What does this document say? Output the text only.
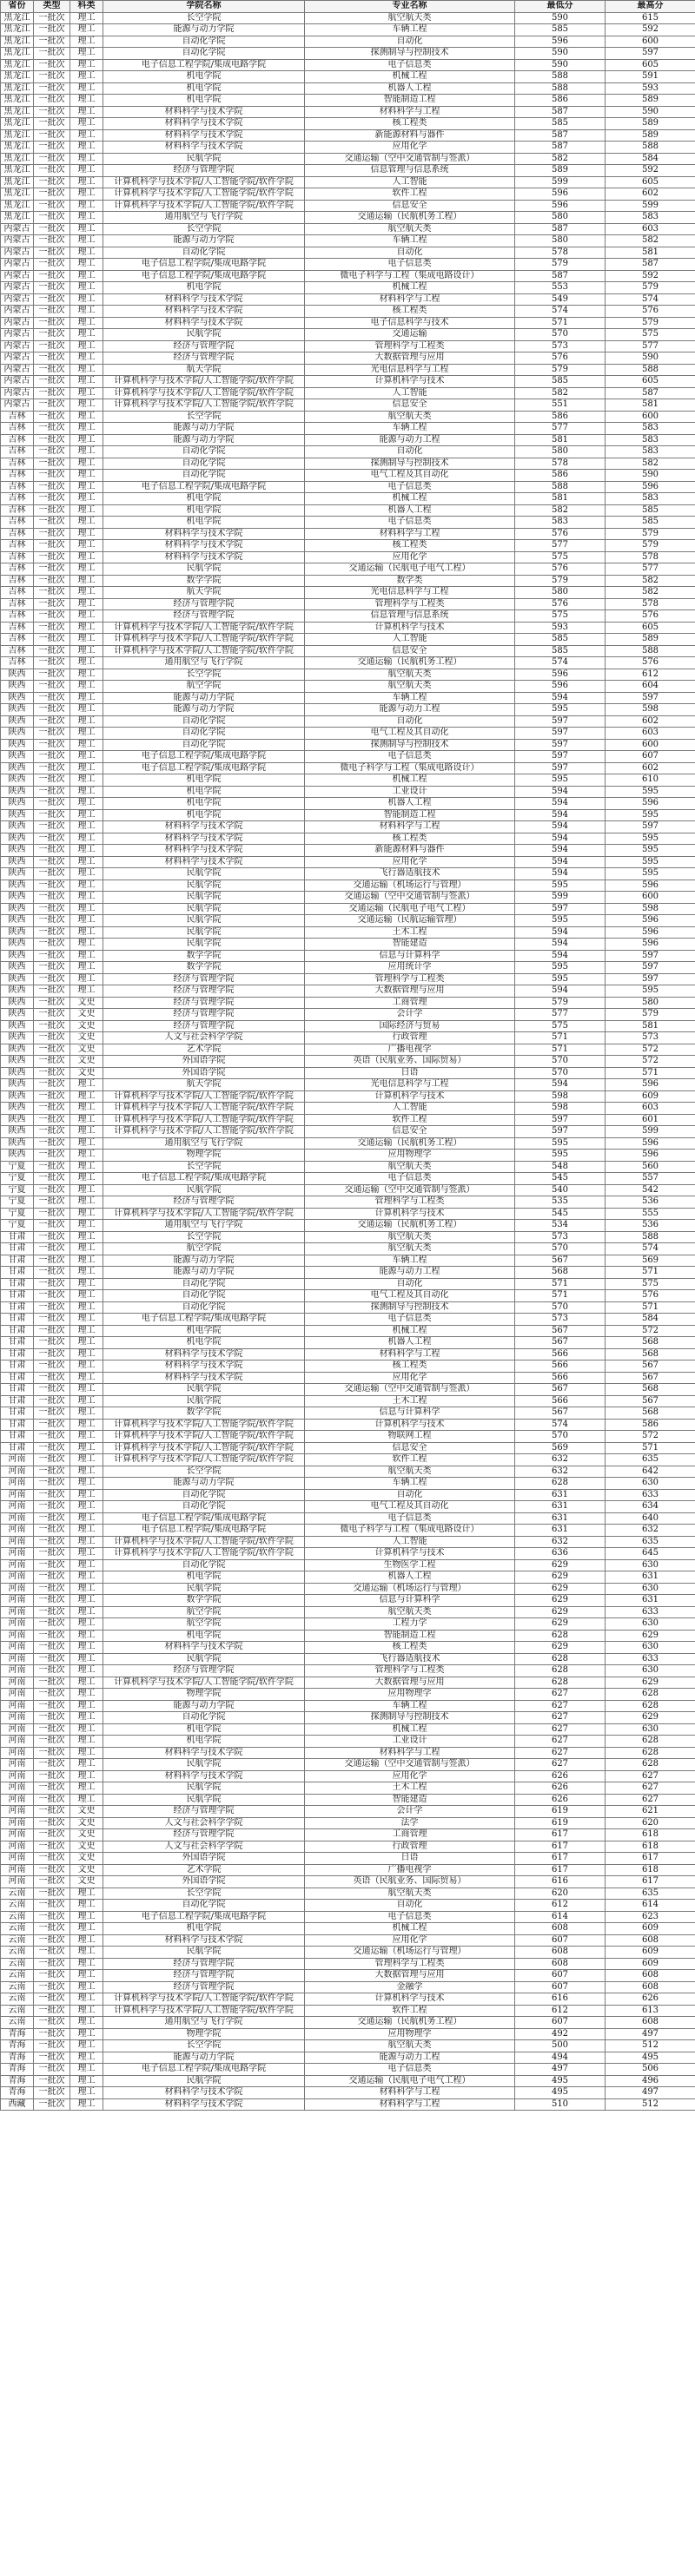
省份	类型	科类	学院名称	专业名称	最低分	最高分
黑龙江	一批次	理工	长空学院	航空航天类	590	615
黑龙江	一批次	理工	能源与动力学院	车辆工程	585	592
黑龙江	一批次	理工	自动化学院	自动化	596	600
黑龙江	一批次	理工	自动化学院	探测制导与控制技术	590	597
黑龙江	一批次	理工	电子信息工程学院/集成电路学院	电子信息类	590	605
黑龙江	一批次	理工	机电学院	机械工程	588	591
黑龙江	一批次	理工	机电学院	机器人工程	588	593
黑龙江	一批次	理工	机电学院	智能制造工程	586	589
黑龙江	一批次	理工	材料科学与技术学院	材料科学与工程	587	590
黑龙江	一批次	理工	材料科学与技术学院	核工程类	585	589
黑龙江	一批次	理工	材料科学与技术学院	新能源材料与器件	587	589
黑龙江	一批次	理工	材料科学与技术学院	应用化学	587	588
黑龙江	一批次	理工	民航学院	交通运输（空中交通管制与签派）	582	584
黑龙江	一批次	理工	经济与管理学院	信息管理与信息系统	589	592
黑龙江	一批次	理工	计算机科学与技术学院/人工智能学院/软件学院	人工智能	599	605
黑龙江	一批次	理工	计算机科学与技术学院/人工智能学院/软件学院	软件工程	596	602
黑龙江	一批次	理工	计算机科学与技术学院/人工智能学院/软件学院	信息安全	596	599
黑龙江	一批次	理工	通用航空与飞行学院	交通运输（民航机务工程）	580	583
内蒙古	一批次	理工	长空学院	航空航天类	587	603
内蒙古	一批次	理工	能源与动力学院	车辆工程	580	582
内蒙古	一批次	理工	自动化学院	自动化	578	581
内蒙古	一批次	理工	电子信息工程学院/集成电路学院	电子信息类	579	587
内蒙古	一批次	理工	电子信息工程学院/集成电路学院	微电子科学与工程（集成电路设计）	587	592
内蒙古	一批次	理工	机电学院	机械工程	553	579
内蒙古	一批次	理工	材料科学与技术学院	材料科学与工程	549	574
内蒙古	一批次	理工	材料科学与技术学院	核工程类	574	576
内蒙古	一批次	理工	材料科学与技术学院	电子信息科学与技术	571	579
内蒙古	一批次	理工	民航学院	交通运输	570	575
内蒙古	一批次	理工	经济与管理学院	管理科学与工程类	573	577
内蒙古	一批次	理工	经济与管理学院	大数据管理与应用	576	590
内蒙古	一批次	理工	航天学院	光电信息科学与工程	579	588
内蒙古	一批次	理工	计算机科学与技术学院/人工智能学院/软件学院	计算机科学与技术	585	605
内蒙古	一批次	理工	计算机科学与技术学院/人工智能学院/软件学院	人工智能	582	587
内蒙古	一批次	理工	计算机科学与技术学院/人工智能学院/软件学院	信息安全	551	581
吉林	一批次	理工	长空学院	航空航天类	586	600
吉林	一批次	理工	能源与动力学院	车辆工程	577	583
吉林	一批次	理工	能源与动力学院	能源与动力工程	581	583
吉林	一批次	理工	自动化学院	自动化	580	583
吉林	一批次	理工	自动化学院	探测制导与控制技术	578	582
吉林	一批次	理工	自动化学院	电气工程及其自动化	586	590
吉林	一批次	理工	电子信息工程学院/集成电路学院	电子信息类	588	596
吉林	一批次	理工	机电学院	机械工程	581	583
吉林	一批次	理工	机电学院	机器人工程	582	585
吉林	一批次	理工	机电学院	电子信息类	583	585
吉林	一批次	理工	材料科学与技术学院	材料科学与工程	576	579
吉林	一批次	理工	材料科学与技术学院	核工程类	577	579
吉林	一批次	理工	材料科学与技术学院	应用化学	575	578
吉林	一批次	理工	民航学院	交通运输（民航电子电气工程）	576	577
吉林	一批次	理工	数学学院	数学类	579	582
吉林	一批次	理工	航天学院	光电信息科学与工程	580	582
吉林	一批次	理工	经济与管理学院	管理科学与工程类	576	578
吉林	一批次	理工	经济与管理学院	信息管理与信息系统	575	576
吉林	一批次	理工	计算机科学与技术学院/人工智能学院/软件学院	计算机科学与技术	593	605
吉林	一批次	理工	计算机科学与技术学院/人工智能学院/软件学院	人工智能	585	589
吉林	一批次	理工	计算机科学与技术学院/人工智能学院/软件学院	信息安全	585	588
吉林	一批次	理工	通用航空与飞行学院	交通运输（民航机务工程）	574	576
陕西	一批次	理工	长空学院	航空航天类	596	612
陕西	一批次	理工	航空学院	航空航天类	596	604
陕西	一批次	理工	能源与动力学院	车辆工程	594	597
陕西	一批次	理工	能源与动力学院	能源与动力工程	595	598
陕西	一批次	理工	自动化学院	自动化	597	602
陕西	一批次	理工	自动化学院	电气工程及其自动化	597	603
陕西	一批次	理工	自动化学院	探测制导与控制技术	597	600
陕西	一批次	理工	电子信息工程学院/集成电路学院	电子信息类	597	607
陕西	一批次	理工	电子信息工程学院/集成电路学院	微电子科学与工程（集成电路设计）	597	602
陕西	一批次	理工	机电学院	机械工程	595	610
陕西	一批次	理工	机电学院	工业设计	594	595
陕西	一批次	理工	机电学院	机器人工程	594	596
陕西	一批次	理工	机电学院	智能制造工程	594	595
陕西	一批次	理工	材料科学与技术学院	材料科学与工程	594	597
陕西	一批次	理工	材料科学与技术学院	核工程类	594	595
陕西	一批次	理工	材料科学与技术学院	新能源材料与器件	594	595
陕西	一批次	理工	材料科学与技术学院	应用化学	594	595
陕西	一批次	理工	民航学院	飞行器适航技术	594	595
陕西	一批次	理工	民航学院	交通运输（机场运行与管理）	595	596
陕西	一批次	理工	民航学院	交通运输（空中交通管制与签派）	599	600
陕西	一批次	理工	民航学院	交通运输（民航电子电气工程）	597	598
陕西	一批次	理工	民航学院	交通运输（民航运输管理）	595	596
陕西	一批次	理工	民航学院	土木工程	594	596
陕西	一批次	理工	民航学院	智能建造	594	596
陕西	一批次	理工	数学学院	信息与计算科学	594	597
陕西	一批次	理工	数学学院	应用统计学	595	597
陕西	一批次	理工	经济与管理学院	管理科学与工程类	595	597
陕西	一批次	理工	经济与管理学院	大数据管理与应用	594	595
陕西	一批次	文史	经济与管理学院	工商管理	579	580
陕西	一批次	文史	经济与管理学院	会计学	577	579
陕西	一批次	文史	经济与管理学院	国际经济与贸易	575	581
陕西	一批次	文史	人文与社会科学学院	行政管理	571	573
陕西	一批次	文史	艺术学院	广播电视学	571	572
陕西	一批次	文史	外国语学院	英语（民航业务、国际贸易）	570	572
陕西	一批次	文史	外国语学院	日语	570	571
陕西	一批次	理工	航天学院	光电信息科学与工程	594	596
陕西	一批次	理工	计算机科学与技术学院/人工智能学院/软件学院	计算机科学与技术	598	609
陕西	一批次	理工	计算机科学与技术学院/人工智能学院/软件学院	人工智能	598	603
陕西	一批次	理工	计算机科学与技术学院/人工智能学院/软件学院	软件工程	597	601
陕西	一批次	理工	计算机科学与技术学院/人工智能学院/软件学院	信息安全	597	599
陕西	一批次	理工	通用航空与飞行学院	交通运输（民航机务工程）	595	596
陕西	一批次	理工	物理学院	应用物理学	595	596
宁夏	一批次	理工	长空学院	航空航天类	548	560
宁夏	一批次	理工	电子信息工程学院/集成电路学院	电子信息类	545	557
宁夏	一批次	理工	民航学院	交通运输（空中交通管制与签派）	540	542
宁夏	一批次	理工	经济与管理学院	管理科学与工程类	535	536
宁夏	一批次	理工	计算机科学与技术学院/人工智能学院/软件学院	计算机科学与技术	545	555
宁夏	一批次	理工	通用航空与飞行学院	交通运输（民航机务工程）	534	536
甘肃	一批次	理工	长空学院	航空航天类	573	588
甘肃	一批次	理工	航空学院	航空航天类	570	574
甘肃	一批次	理工	能源与动力学院	车辆工程	567	569
甘肃	一批次	理工	能源与动力学院	能源与动力工程	568	571
甘肃	一批次	理工	自动化学院	自动化	571	575
甘肃	一批次	理工	自动化学院	电气工程及其自动化	571	576
甘肃	一批次	理工	自动化学院	探测制导与控制技术	570	571
甘肃	一批次	理工	电子信息工程学院/集成电路学院	电子信息类	573	584
甘肃	一批次	理工	机电学院	机械工程	567	572
甘肃	一批次	理工	机电学院	机器人工程	567	568
甘肃	一批次	理工	材料科学与技术学院	材料科学与工程	566	568
甘肃	一批次	理工	材料科学与技术学院	核工程类	566	567
甘肃	一批次	理工	材料科学与技术学院	应用化学	566	567
甘肃	一批次	理工	民航学院	交通运输（空中交通管制与签派）	567	568
甘肃	一批次	理工	民航学院	土木工程	566	567
甘肃	一批次	理工	数学学院	信息与计算科学	567	568
甘肃	一批次	理工	计算机科学与技术学院/人工智能学院/软件学院	计算机科学与技术	574	586
甘肃	一批次	理工	计算机科学与技术学院/人工智能学院/软件学院	物联网工程	570	572
甘肃	一批次	理工	计算机科学与技术学院/人工智能学院/软件学院	信息安全	569	571
河南	一批次	理工	计算机科学与技术学院/人工智能学院/软件学院	软件工程	632	635
河南	一批次	理工	长空学院	航空航天类	632	642
河南	一批次	理工	能源与动力学院	车辆工程	628	630
河南	一批次	理工	自动化学院	自动化	631	633
河南	一批次	理工	自动化学院	电气工程及其自动化	631	634
河南	一批次	理工	电子信息工程学院/集成电路学院	电子信息类	631	640
河南	一批次	理工	电子信息工程学院/集成电路学院	微电子科学与工程（集成电路设计）	631	632
河南	一批次	理工	计算机科学与技术学院/人工智能学院/软件学院	人工智能	632	635
河南	一批次	理工	计算机科学与技术学院/人工智能学院/软件学院	计算机科学与技术	636	645
河南	一批次	理工	自动化学院	生物医学工程	629	630
河南	一批次	理工	机电学院	机器人工程	629	631
河南	一批次	理工	民航学院	交通运输（机场运行与管理）	629	630
河南	一批次	理工	数学学院	信息与计算科学	629	631
河南	一批次	理工	航空学院	航空航天类	629	633
河南	一批次	理工	航空学院	工程力学	629	630
河南	一批次	理工	机电学院	智能制造工程	628	629
河南	一批次	理工	材料科学与技术学院	核工程类	629	630
河南	一批次	理工	民航学院	飞行器适航技术	628	633
河南	一批次	理工	经济与管理学院	管理科学与工程类	628	630
河南	一批次	理工	计算机科学与技术学院/人工智能学院/软件学院	大数据管理与应用	628	629
河南	一批次	理工	物理学院	应用物理学	627	628
河南	一批次	理工	能源与动力学院	车辆工程	627	628
河南	一批次	理工	自动化学院	探测制导与控制技术	627	629
河南	一批次	理工	机电学院	机械工程	627	630
河南	一批次	理工	机电学院	工业设计	627	628
河南	一批次	理工	材料科学与技术学院	材料科学与工程	627	628
河南	一批次	理工	民航学院	交通运输（空中交通管制与签派）	627	628
河南	一批次	理工	材料科学与技术学院	应用化学	626	627
河南	一批次	理工	民航学院	土木工程	626	627
河南	一批次	理工	民航学院	智能建造	626	627
河南	一批次	文史	经济与管理学院	会计学	619	621
河南	一批次	文史	人文与社会科学学院	法学	619	620
河南	一批次	文史	经济与管理学院	工商管理	617	618
河南	一批次	文史	人文与社会科学学院	行政管理	617	618
河南	一批次	文史	外国语学院	日语	617	617
河南	一批次	文史	艺术学院	广播电视学	617	618
河南	一批次	文史	外国语学院	英语（民航业务、国际贸易）	616	617
云南	一批次	理工	长空学院	航空航天类	620	635
云南	一批次	理工	自动化学院	自动化	612	614
云南	一批次	理工	电子信息工程学院/集成电路学院	电子信息类	614	623
云南	一批次	理工	机电学院	机械工程	608	609
云南	一批次	理工	材料科学与技术学院	应用化学	607	608
云南	一批次	理工	民航学院	交通运输（机场运行与管理）	608	609
云南	一批次	理工	经济与管理学院	管理科学与工程类	608	609
云南	一批次	理工	经济与管理学院	大数据管理与应用	607	608
云南	一批次	理工	经济与管理学院	金融学	607	608
云南	一批次	理工	计算机科学与技术学院/人工智能学院/软件学院	计算机科学与技术	616	626
云南	一批次	理工	计算机科学与技术学院/人工智能学院/软件学院	软件工程	612	613
云南	一批次	理工	通用航空与飞行学院	交通运输（民航机务工程）	607	608
青海	一批次	理工	物理学院	应用物理学	492	497
青海	一批次	理工	长空学院	航空航天类	500	512
青海	一批次	理工	能源与动力学院	能源与动力工程	494	495
青海	一批次	理工	电子信息工程学院/集成电路学院	电子信息类	497	506
青海	一批次	理工	民航学院	交通运输（民航电子电气工程）	495	496
青海	一批次	理工	材料科学与技术学院	材料科学与工程	495	497
西藏	一批次	理工	材料科学与技术学院	材料科学与工程	510	512
